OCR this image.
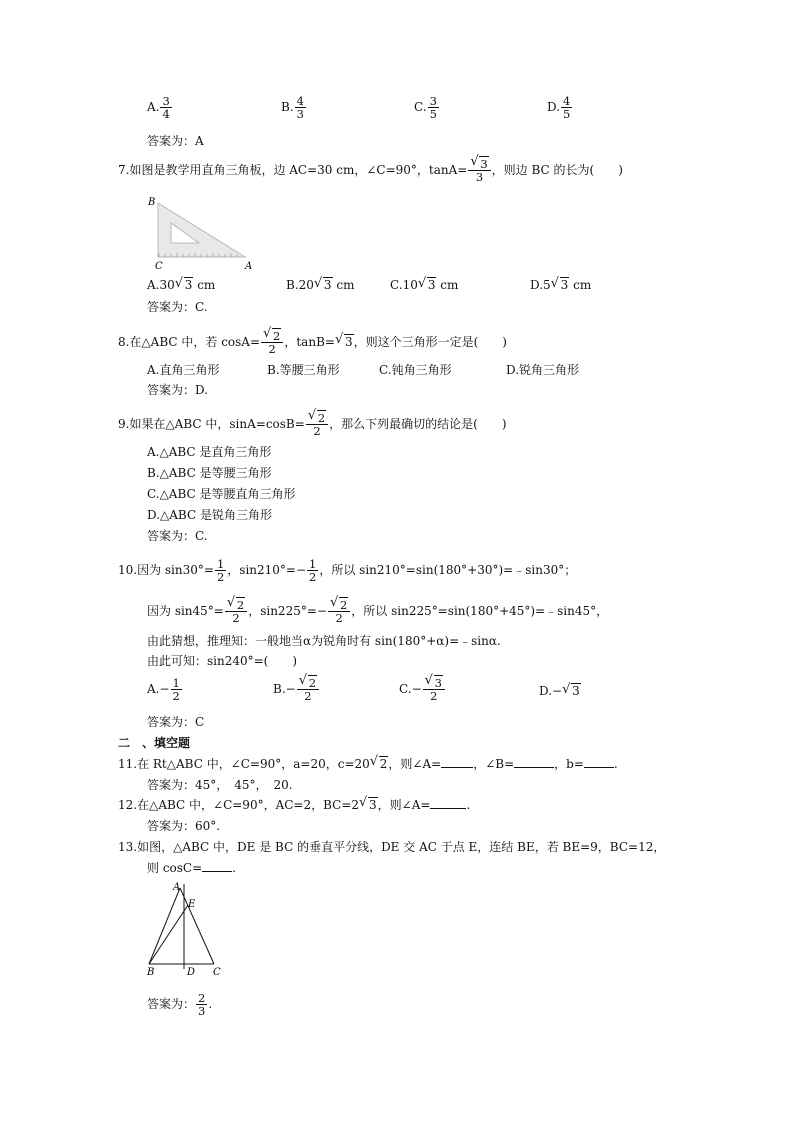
A. $\frac{3}{4}$	B. $\frac{4}{3}$	C. $\frac{3}{5}$	D. $\frac{4}{5}$
答案为：A
7.如图是教学用直角三角板，边 AC=30 cm，∠C=90°，tanA= √ $\frac{3}{3}$ ，则边 BC 的长为(　　)
B
C	A
A.30 √ 3 cm	B.20 √ 3 cm	C.10 √ 3 cm	D.5 √ 3 cm
答案为：C.
8.在△ABC 中，若 cosA= √ $\frac{2}{2}$ ，tanB= √ 3，则这个三角形一定是(　　)
A.直角三角形	B.等腰三角形	C.钝角三角形	D.锐角三角形
答案为：D.
9.如果在△ABC 中，sinA=cosB= √ $\frac{2}{2}$ ，那么下列最确切的结论是(　　)
A.△ABC 是直角三角形
B.△ABC 是等腰三角形
C.△ABC 是等腰直角三角形
D.△ABC 是锐角三角形
答案为：C.
10.因为 $\sin 30^\circ= \frac{1}{2}$ ，$\sin 210^\circ=- \frac{1}{2}$ ，所以 sin210°=sin(180°+30°)=﹣sin30°；
因为 sin45°= √ $\frac{2}{2}$ ，sin225°=− √ $\frac{2}{2}$ ，所以 sin225°=sin(180°+45°)=﹣sin45°，
由此猜想，推理知：一般地当α为锐角时有 sin(180°+α)=﹣sinα.
由此可知：sin240°=(　　)
$A.- \frac{1}{2}$	B.− √ $\frac{2}{2}$	C.− √ $\frac{3}{2}$	D.− √ 3
答案为：C
二　、填空题
11.在 Rt△ABC 中，∠C=90°，a=20，c=20 √ 2，则∠A=	，∠B=	，b=	.
答案为：45°，　45°，　20.
12.在△ABC 中，∠C=90°，AC=2，BC=2 √ 3，则∠A=	.
答案为：60°.
13.如图，△ABC 中，DE 是 BC 的垂直平分线，DE 交 AC 于点 E，连结 BE，若 BE=9，BC=12，
则 cosC=	.
A
E
B	D C
答案为： $\frac{2}{3}$ .
